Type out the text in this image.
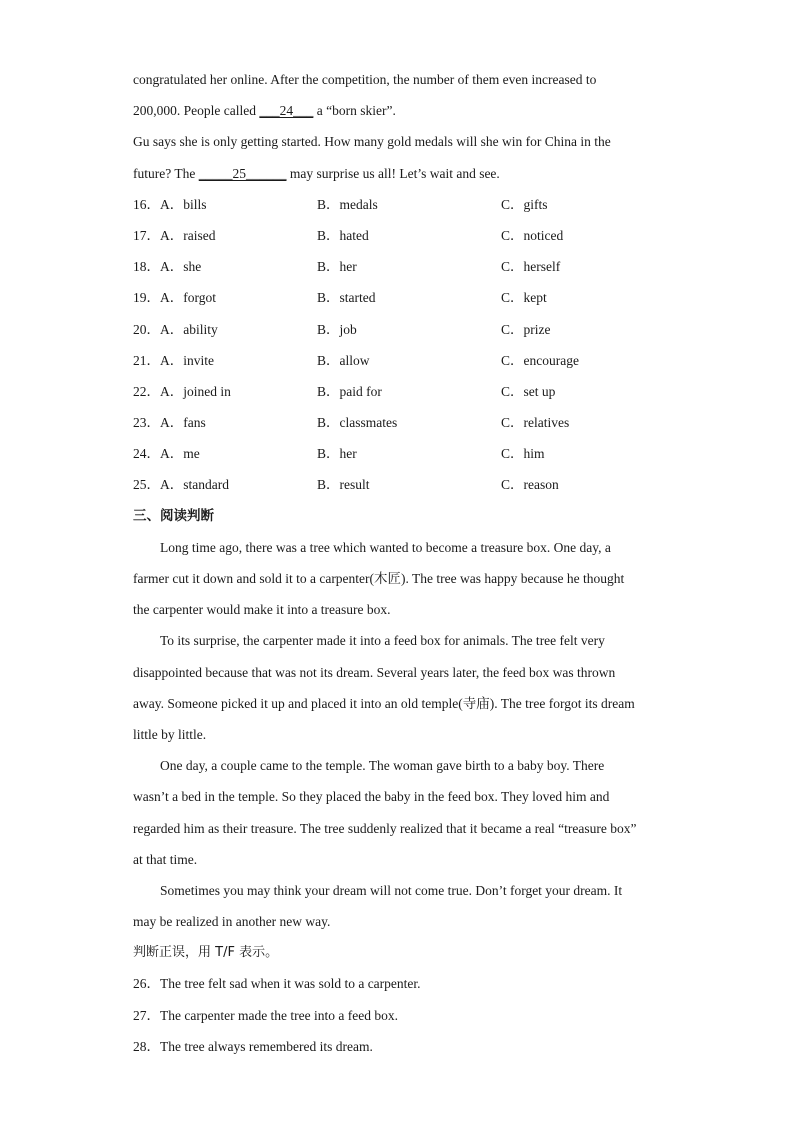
congratulated her online. After the competition, the number of them even increased to
200,000. People called ___24___ a “born skier”.
Gu says she is only getting started. How many gold medals will she win for China in the
future? The _____25______ may surprise us all! Let’s wait and see.
16．A．bills	B．medals	C．gifts
17．A．raised	B．hated	C．noticed
18．A．she	B．her	C．herself
19．A．forgot	B．started	C．kept
20．A．ability	B．job	C．prize
21．A．invite	B．allow	C．encourage
22．A．joined in	B．paid for	C．set up
23．A．fans	B．classmates	C．relatives
24．A．me	B．her	C．him
25．A．standard	B．result	C．reason
三、阅读判断
Long time ago, there was a tree which wanted to become a treasure box. One day, a
farmer cut it down and sold it to a carpenter(木匠). The tree was happy because he thought
the carpenter would make it into a treasure box.
To its surprise, the carpenter made it into a feed box for animals. The tree felt very
disappointed because that was not its dream. Several years later, the feed box was thrown
away. Someone picked it up and placed it into an old temple(寺庙). The tree forgot its dream
little by little.
One day, a couple came to the temple. The woman gave birth to a baby boy. There
wasn’t a bed in the temple. So they placed the baby in the feed box. They loved him and
regarded him as their treasure. The tree suddenly realized that it became a real “treasure box”
at that time.
Sometimes you may think your dream will not come true. Don’t forget your dream. It
may be realized in another new way.
判断正误，用 T/F 表示。
26．The tree felt sad when it was sold to a carpenter.
27．The carpenter made the tree into a feed box.
28．The tree always remembered its dream.
